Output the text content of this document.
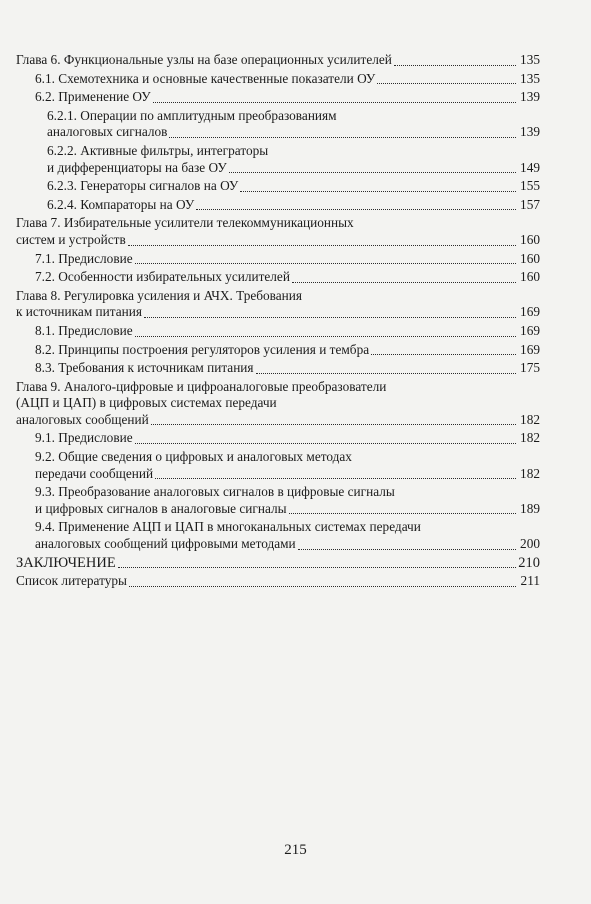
Глава 6. Функциональные узлы на базе операционных усилителей	135
6.1. Схемотехника и основные качественные показатели ОУ	135
6.2. Применение ОУ	139
6.2.1. Операции по амплитудным преобразованиям
аналоговых сигналов	139
6.2.2. Активные фильтры, интеграторы
и дифференциаторы на базе ОУ	149
6.2.3. Генераторы сигналов на ОУ	155
6.2.4. Компараторы на ОУ	157
Глава 7. Избирательные усилители телекоммуникационных
систем и устройств	160
7.1. Предисловие	160
7.2. Особенности избирательных усилителей	160
Глава 8. Регулировка усиления и АЧХ. Требования
к источникам питания	169
8.1. Предисловие	169
8.2. Принципы построения регуляторов усиления и тембра	169
8.3. Требования к источникам питания	175
Глава 9. Аналого-цифровые и цифроаналоговые преобразователи
(АЦП и ЦАП) в цифровых системах передачи
аналоговых сообщений	182
9.1. Предисловие	182
9.2. Общие сведения о цифровых и аналоговых методах
передачи сообщений	182
9.3. Преобразование аналоговых сигналов в цифровые сигналы
и цифровых сигналов в аналоговые сигналы	189
9.4. Применение АЦП и ЦАП в многоканальных системах передачи
аналоговых сообщений цифровыми методами	200
ЗАКЛЮЧЕНИЕ	210
Список литературы	211
215
